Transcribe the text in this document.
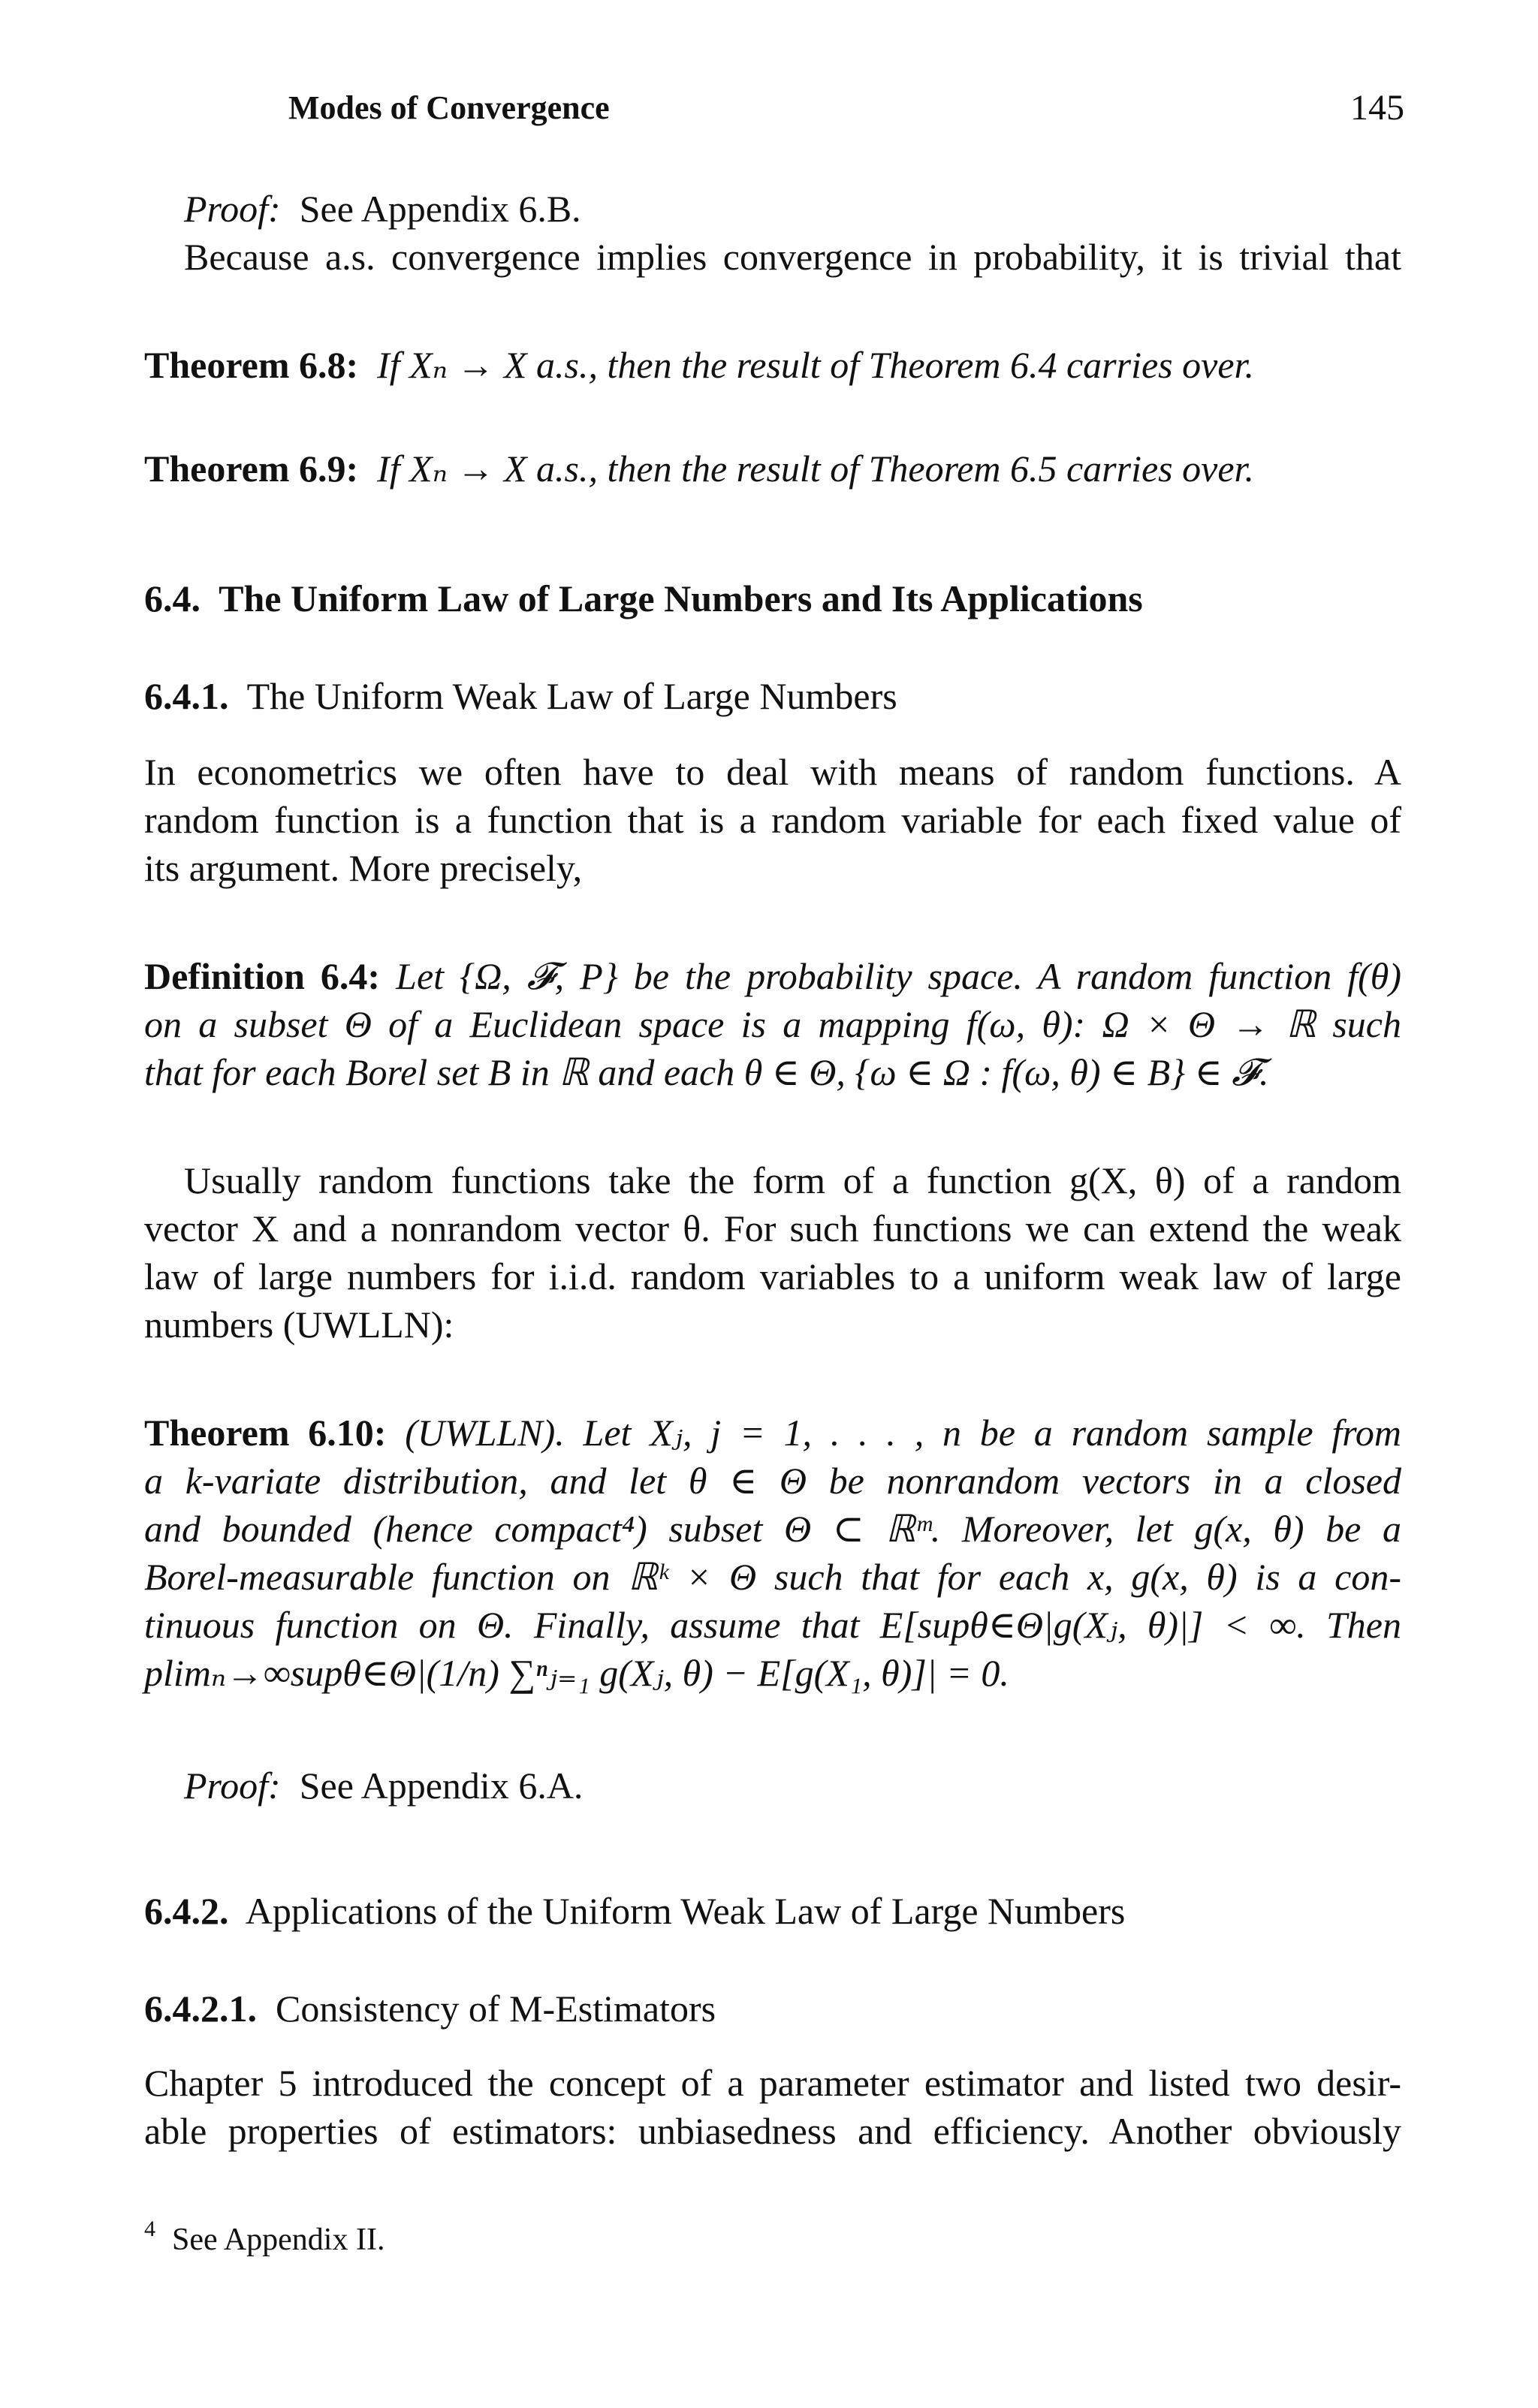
Modes of Convergence	145
Proof: See Appendix 6.B.
Because a.s. convergence implies convergence in probability, it is trivial that
Theorem 6.8: If Xₙ → X a.s., then the result of Theorem 6.4 carries over.
Theorem 6.9: If Xₙ → X a.s., then the result of Theorem 6.5 carries over.
6.4. The Uniform Law of Large Numbers and Its Applications
6.4.1. The Uniform Weak Law of Large Numbers
In econometrics we often have to deal with means of random functions. A
random function is a function that is a random variable for each fixed value of
its argument. More precisely,
Definition 6.4: Let {Ω, 𝓕, P} be the probability space. A random function f(θ)
on a subset Θ of a Euclidean space is a mapping f(ω, θ): Ω × Θ → ℝ such
that for each Borel set B in ℝ and each θ ∈ Θ, {ω ∈ Ω : f(ω, θ) ∈ B} ∈ 𝓕.
Usually random functions take the form of a function g(X, θ) of a random
vector X and a nonrandom vector θ. For such functions we can extend the weak
law of large numbers for i.i.d. random variables to a uniform weak law of large
numbers (UWLLN):
Theorem 6.10: (UWLLN). Let Xⱼ, j = 1, . . . , n be a random sample from
a k-variate distribution, and let θ ∈ Θ be nonrandom vectors in a closed
and bounded (hence compact⁴) subset Θ ⊂ ℝᵐ. Moreover, let g(x, θ) be a
Borel-measurable function on ℝᵏ × Θ such that for each x, g(x, θ) is a con-
tinuous function on Θ. Finally, assume that E[supθ∈Θ|g(Xⱼ, θ)|] < ∞. Then
plimₙ→∞supθ∈Θ|(1/n) ∑ⁿⱼ₌₁ g(Xⱼ, θ) − E[g(X₁, θ)]| = 0.
Proof: See Appendix 6.A.
6.4.2. Applications of the Uniform Weak Law of Large Numbers
6.4.2.1. Consistency of M-Estimators
Chapter 5 introduced the concept of a parameter estimator and listed two desir-
able properties of estimators: unbiasedness and efficiency. Another obviously
$^4$ See Appendix II.
